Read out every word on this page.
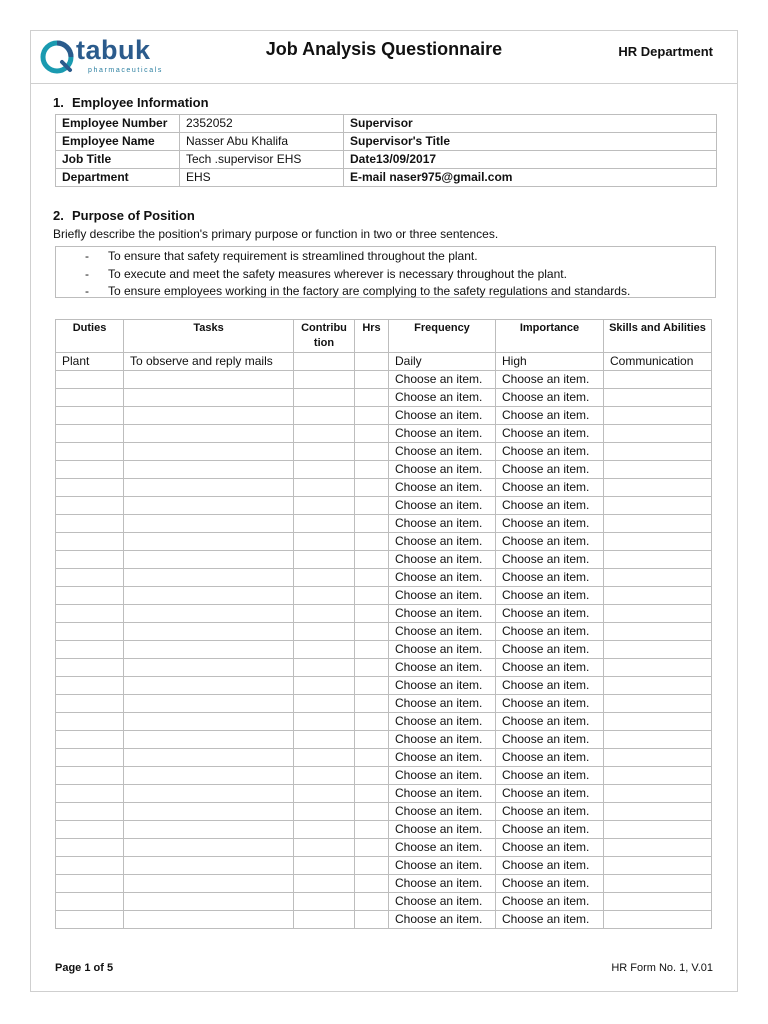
tabuk
pharmaceuticals
Job Analysis Questionnaire	HR Department
1. Employee Information
Employee Number	2352052	Supervisor
Employee Name	Nasser Abu Khalifa	Supervisor's Title
Job Title	Tech .supervisor EHS	Date13/09/2017
Department	EHS	E-mail naser975@gmail.com
2. Purpose of Position
Briefly describe the position's primary purpose or function in two or three sentences.
- To ensure that safety requirement is streamlined throughout the plant.
- To execute and meet the safety measures wherever is necessary throughout the plant.
- To ensure employees working in the factory are complying to the safety regulations and standards.
Duties	Tasks	Contribu tion	Hrs	Frequency	Importance	Skills and Abilities
Plant	To observe and reply mails			Daily	High	Communication
				Choose an item.	Choose an item.	
				Choose an item.	Choose an item.	
				Choose an item.	Choose an item.	
				Choose an item.	Choose an item.	
				Choose an item.	Choose an item.	
				Choose an item.	Choose an item.	
				Choose an item.	Choose an item.	
				Choose an item.	Choose an item.	
				Choose an item.	Choose an item.	
				Choose an item.	Choose an item.	
				Choose an item.	Choose an item.	
				Choose an item.	Choose an item.	
				Choose an item.	Choose an item.	
				Choose an item.	Choose an item.	
				Choose an item.	Choose an item.	
				Choose an item.	Choose an item.	
				Choose an item.	Choose an item.	
				Choose an item.	Choose an item.	
				Choose an item.	Choose an item.	
				Choose an item.	Choose an item.	
				Choose an item.	Choose an item.	
				Choose an item.	Choose an item.	
				Choose an item.	Choose an item.	
				Choose an item.	Choose an item.	
				Choose an item.	Choose an item.	
				Choose an item.	Choose an item.	
				Choose an item.	Choose an item.	
				Choose an item.	Choose an item.	
				Choose an item.	Choose an item.	
				Choose an item.	Choose an item.	
				Choose an item.	Choose an item.	
Page 1 of 5	HR Form No. 1, V.01
